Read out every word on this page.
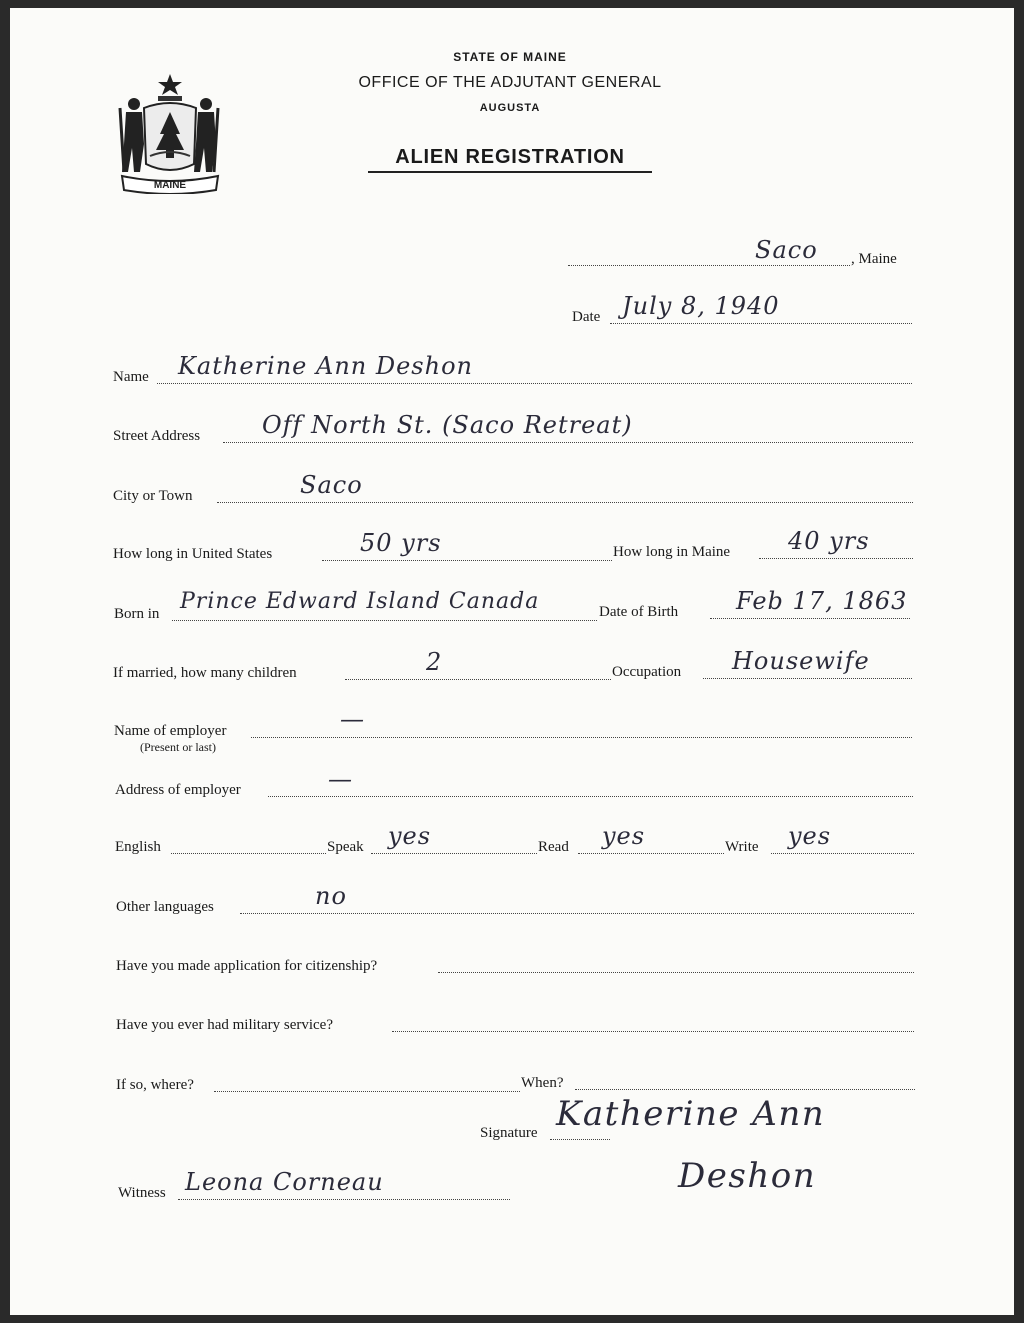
MAINE
STATE OF MAINE
OFFICE OF THE ADJUTANT GENERAL
AUGUSTA
ALIEN REGISTRATION
Saco , Maine
Date July 8, 1940
Name Katherine Ann Deshon
Street Address	Off North St. (Saco Retreat)
City or Town	Saco
How long in United States	50 yrs	How long in Maine 40 yrs
Born in Prince Edward Island Canada	Date of Birth Feb 17, 1863
If married, how many children	2	Occupation Housewife
Name of employer
(Present or last)
—
Address of employer	—
English	Speak yes	Read yes	Write yes
Other languages	no
Have you made application for citizenship?
Have you ever had military service?
If so, where?	When?
Signature Katherine Ann
Deshon
Witness Leona Corneau
